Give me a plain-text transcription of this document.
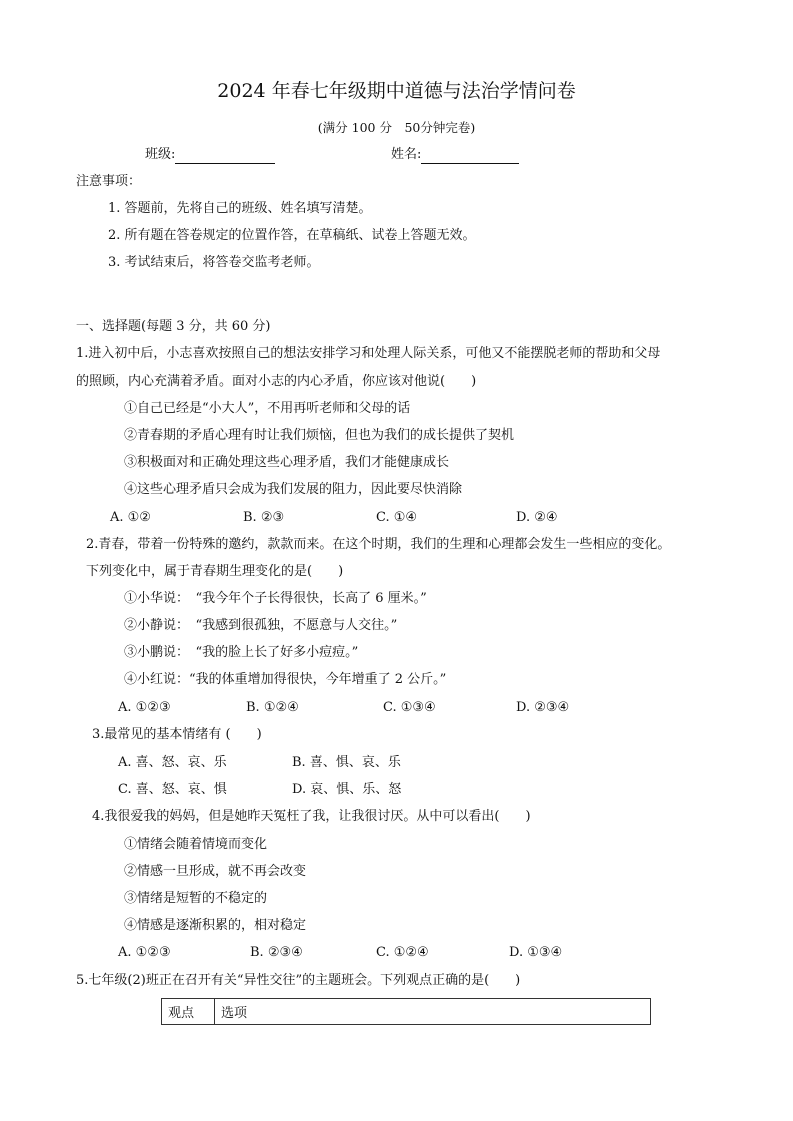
2024 年春七年级期中道德与法治学情问卷
(满分 100 分　50分钟完卷)
班级:	姓名:
注意事项：
1. 答题前，先将自己的班级、姓名填写清楚。
2. 所有题在答卷规定的位置作答，在草稿纸、试卷上答题无效。
3. 考试结束后，将答卷交监考老师。
一、选择题(每题 3 分，共 60 分)
1.进入初中后，小志喜欢按照自己的想法安排学习和处理人际关系，可他又不能摆脱老师的帮助和父母
的照顾，内心充满着矛盾。面对小志的内心矛盾，你应该对他说(　　)
①自己已经是“小大人”，不用再听老师和父母的话
②青春期的矛盾心理有时让我们烦恼，但也为我们的成长提供了契机
③积极面对和正确处理这些心理矛盾，我们才能健康成长
④这些心理矛盾只会成为我们发展的阻力，因此要尽快消除
A. ①②	B. ②③	C. ①④	D. ②④
2.青春，带着一份特殊的邀约，款款而来。在这个时期，我们的生理和心理都会发生一些相应的变化。
下列变化中，属于青春期生理变化的是(　　)
①小华说：　“我今年个子长得很快，长高了 6 厘米。”
②小静说：　“我感到很孤独，不愿意与人交往。”
③小鹏说：　“我的脸上长了好多小痘痘。”
④小红说：“我的体重增加得很快，今年增重了 2 公斤。”
A. ①②③	B. ①②④	C. ①③④	D. ②③④
3.最常见的基本情绪有 (　　)
A. 喜、怒、哀、乐	B. 喜、惧、哀、乐
C. 喜、怒、哀、惧	D. 哀、惧、乐、怒
4.我很爱我的妈妈，但是她昨天冤枉了我，让我很讨厌。从中可以看出(　　)
①情绪会随着情境而变化
②情感一旦形成，就不再会改变
③情绪是短暂的不稳定的
④情感是逐渐积累的，相对稳定
A. ①②③	B. ②③④	C. ①②④	D. ①③④
5.七年级(2)班正在召开有关“异性交往”的主题班会。下列观点正确的是(　　)
观点	选项
